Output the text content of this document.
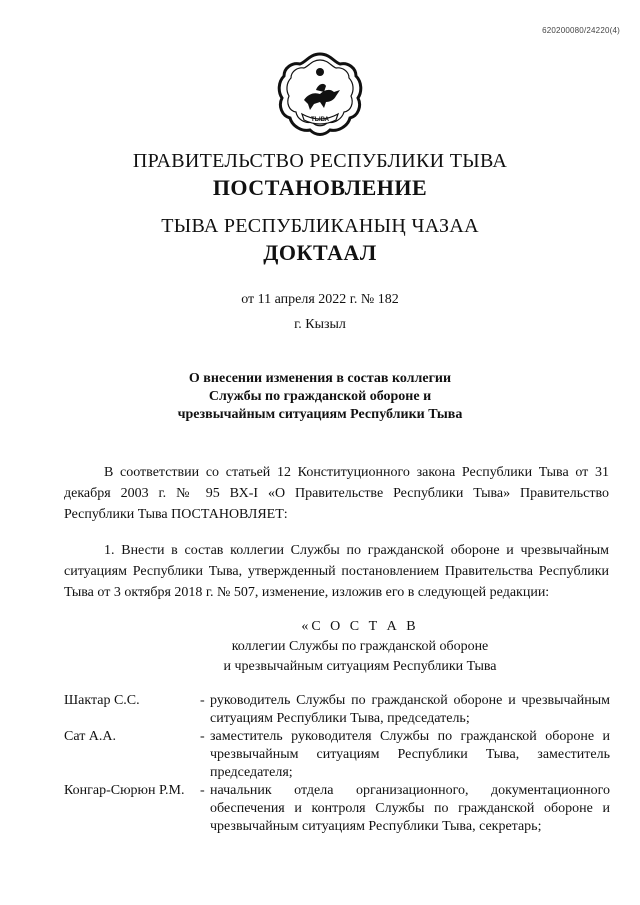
620200080/24220(4)
ТЫВА
ПРАВИТЕЛЬСТВО РЕСПУБЛИКИ ТЫВА
ПОСТАНОВЛЕНИЕ
ТЫВА РЕСПУБЛИКАНЫҢ ЧАЗАА
ДОКТААЛ
от 11 апреля 2022 г. № 182
г. Кызыл
О внесении изменения в состав коллегии
Службы по гражданской обороне и
чрезвычайным ситуациям Республики Тыва
В соответствии со статьей 12 Конституционного закона Республики Тыва от 31 декабря 2003 г. № 95 ВХ-I «О Правительстве Республики Тыва» Правительство Республики Тыва ПОСТАНОВЛЯЕТ:
1. Внести в состав коллегии Службы по гражданской обороне и чрезвычайным ситуациям Республики Тыва, утвержденный постановлением Правительства Республики Тыва от 3 октября 2018 г. № 507, изменение, изложив его в следующей редакции:
«С О С Т А В
коллегии Службы по гражданской обороне
и чрезвычайным ситуациям Республики Тыва
Шактар С.С.	- руководитель Службы по гражданской обороне и чрезвычайным ситуациям Республики Тыва, председатель;
Сат А.А.	- заместитель руководителя Службы по гражданской обороне и чрезвычайным ситуациям Республики Тыва, заместитель председателя;
Конгар-Сюрюн Р.М.	- начальник отдела организационного, документационного обеспечения и контроля Службы по гражданской обороне и чрезвычайным ситуациям Республики Тыва, секретарь;
